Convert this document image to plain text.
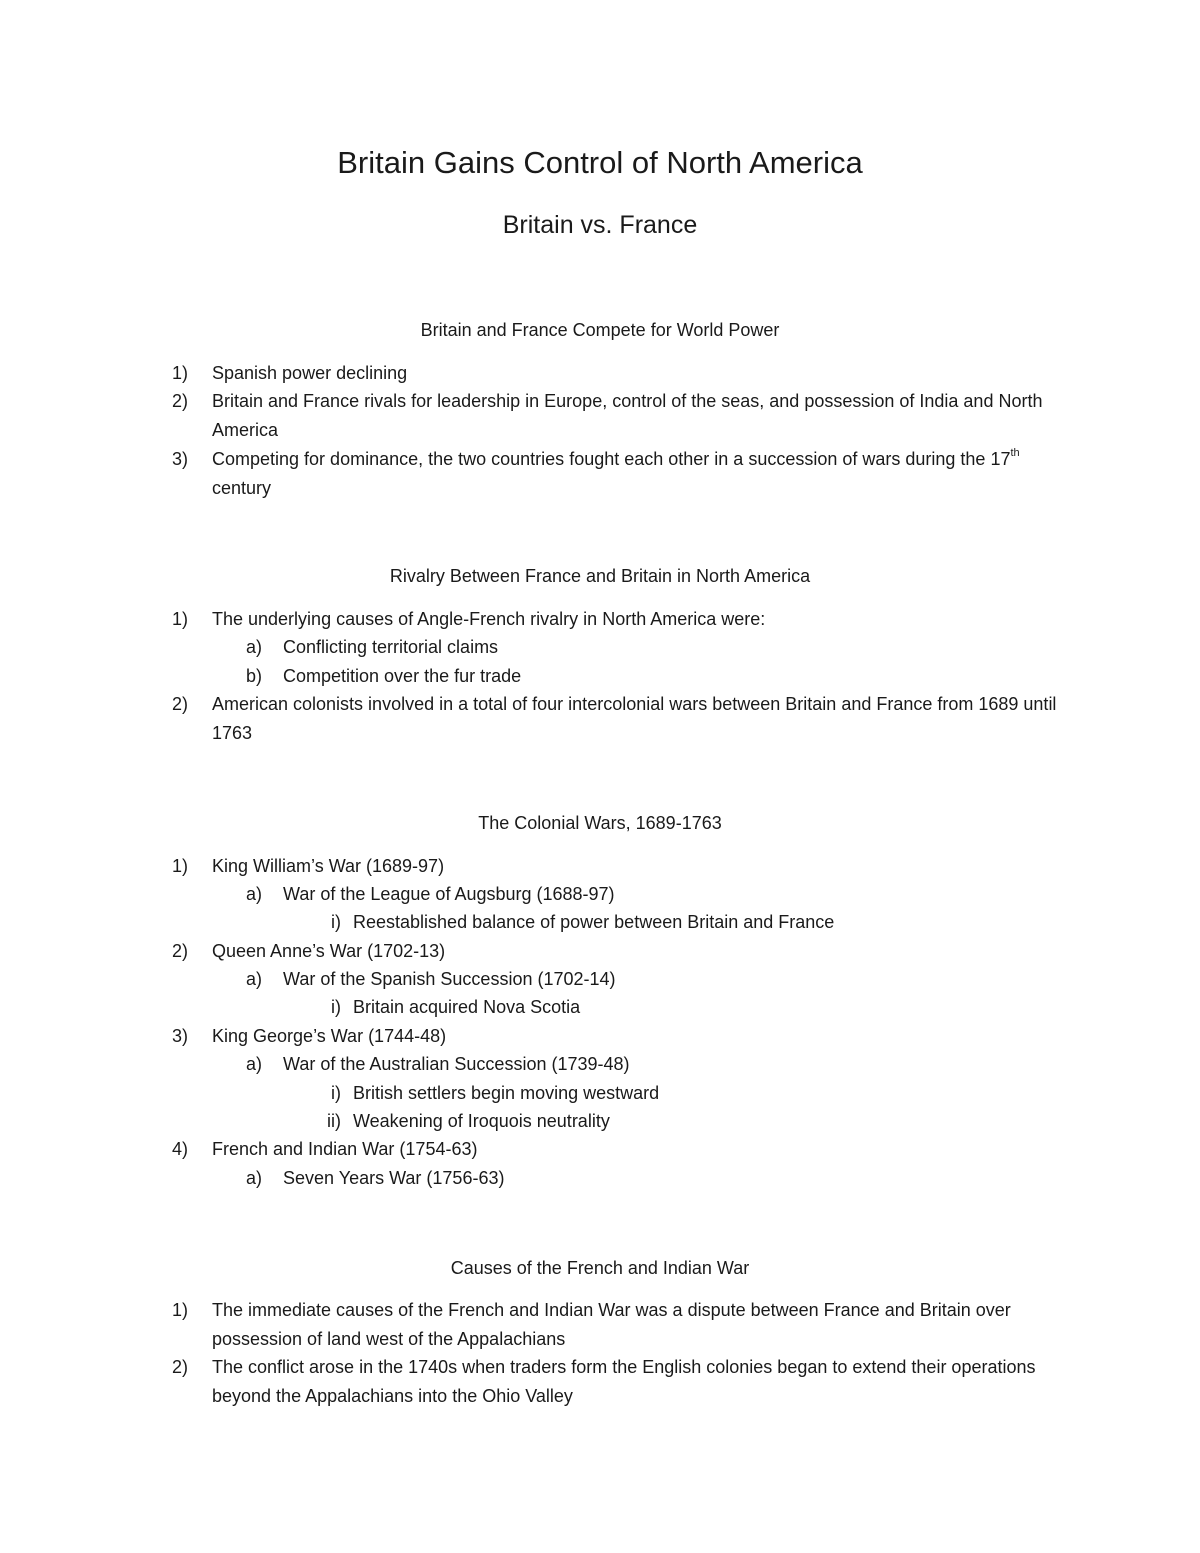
Britain Gains Control of North America
Britain vs. France
Britain and France Compete for World Power
1) Spanish power declining
2) Britain and France rivals for leadership in Europe, control of the seas, and possession of India and North America
3) Competing for dominance, the two countries fought each other in a succession of wars during the 17th century
Rivalry Between France and Britain in North America
1) The underlying causes of Angle-French rivalry in North America were:
a) Conflicting territorial claims
b) Competition over the fur trade
2) American colonists involved in a total of four intercolonial wars between Britain and France from 1689 until 1763
The Colonial Wars, 1689-1763
1) King William’s War (1689-97)
a) War of the League of Augsburg (1688-97)
i) Reestablished balance of power between Britain and France
2) Queen Anne’s War (1702-13)
a) War of the Spanish Succession (1702-14)
i) Britain acquired Nova Scotia
3) King George’s War (1744-48)
a) War of the Australian Succession (1739-48)
i) British settlers begin moving westward
ii) Weakening of Iroquois neutrality
4) French and Indian War (1754-63)
a) Seven Years War (1756-63)
Causes of the French and Indian War
1) The immediate causes of the French and Indian War was a dispute between France and Britain over possession of land west of the Appalachians
2) The conflict arose in the 1740s when traders form the English colonies began to extend their operations beyond the Appalachians into the Ohio Valley
